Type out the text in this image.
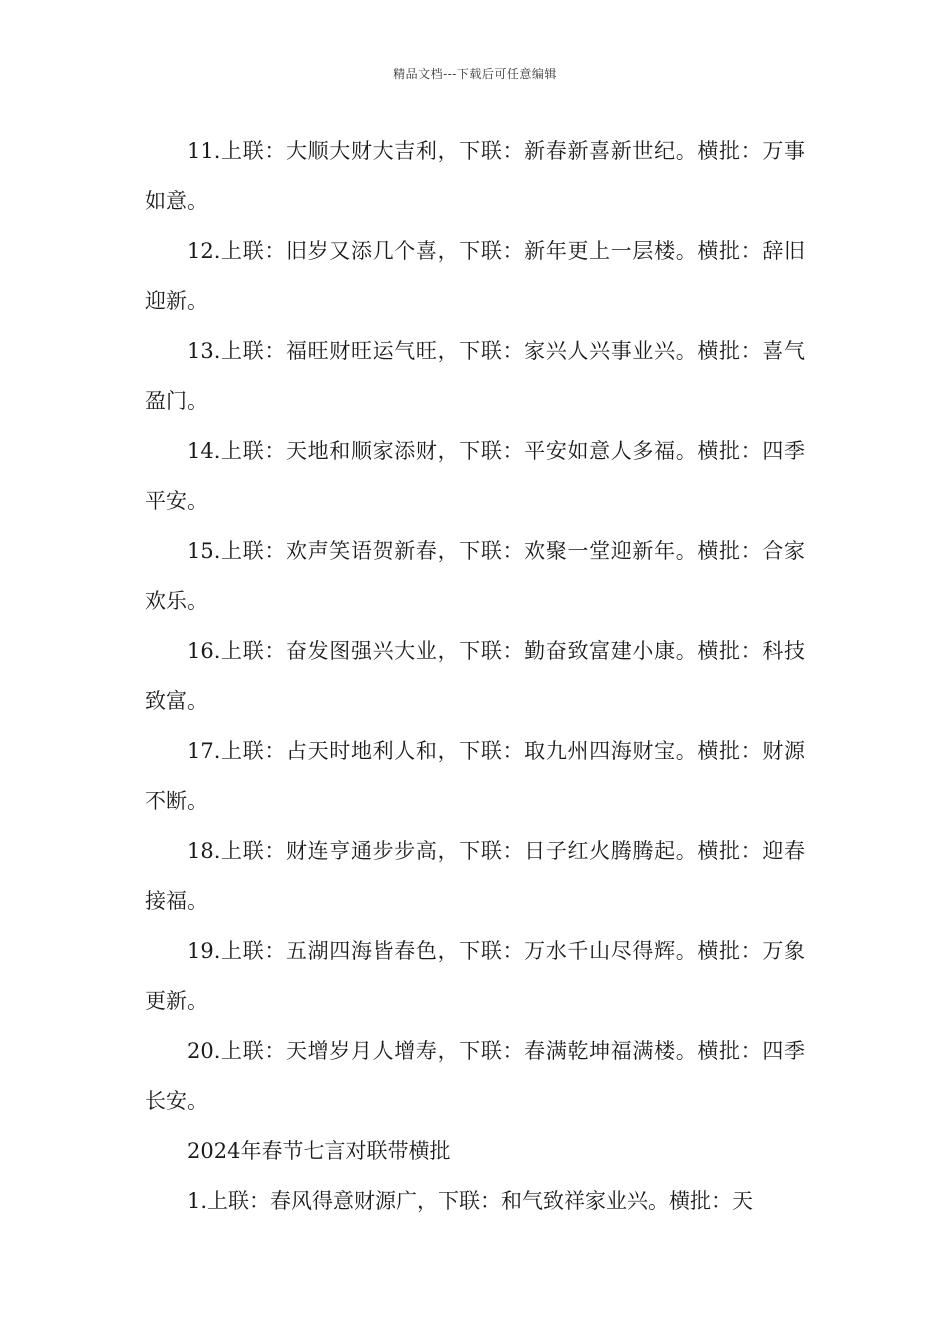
精品文档---下载后可任意编辑

11.上联：大顺大财大吉利，下联：新春新喜新世纪。横批：万事如意。

12.上联：旧岁又添几个喜，下联：新年更上一层楼。横批：辞旧迎新。

13.上联：福旺财旺运气旺，下联：家兴人兴事业兴。横批：喜气盈门。

14.上联：天地和顺家添财，下联：平安如意人多福。横批：四季平安。

15.上联：欢声笑语贺新春，下联：欢聚一堂迎新年。横批：合家欢乐。

16.上联：奋发图强兴大业，下联：勤奋致富建小康。横批：科技致富。

17.上联：占天时地利人和，下联：取九州四海财宝。横批：财源不断。

18.上联：财连亨通步步高，下联：日子红火腾腾起。横批：迎春接福。

19.上联：五湖四海皆春色，下联：万水千山尽得辉。横批：万象更新。

20.上联：天增岁月人增寿，下联：春满乾坤福满楼。横批：四季长安。

2024年春节七言对联带横批

1.上联：春风得意财源广，下联：和气致祥家业兴。横批：天
